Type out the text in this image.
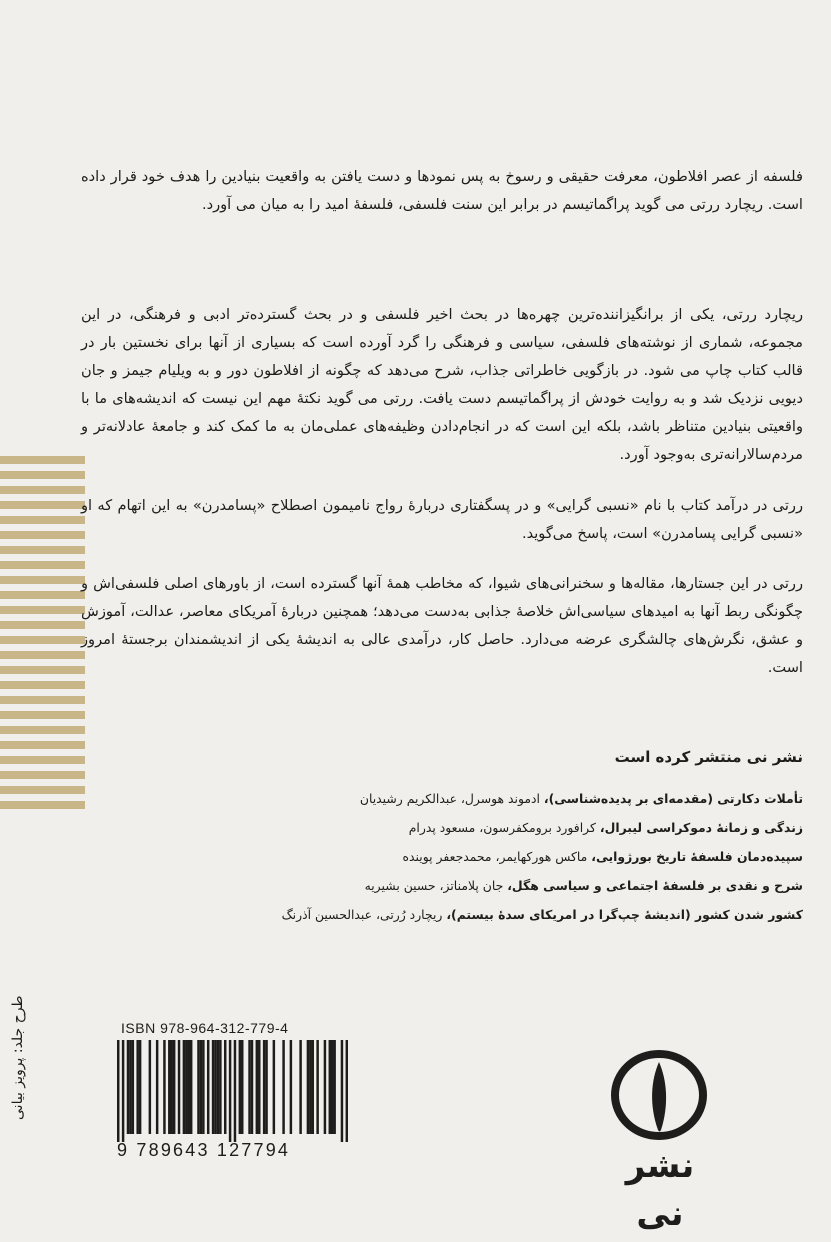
فلسفه از عصر افلاطون، معرفت حقیقی و رسوخ به پس نمودها و دست یافتن به واقعیت بنیادین را هدف خود قرار داده است. ریچارد ررتی می گوید پراگماتیسم در برابر این سنت فلسفی، فلسفهٔ امید را به میان می آورد.

ریچارد ررتی، یکی از برانگیزاننده‌ترین چهره‌ها در بحث اخیر فلسفی و در بحث گسترده‌تر ادبی و فرهنگی، در این مجموعه، شماری از نوشته‌های فلسفی، سیاسی و فرهنگی را گرد آورده است که بسیاری از آنها برای نخستین بار در قالب کتاب چاپ می شود. در بازگویی خاطراتی جذاب، شرح می‌دهد که چگونه از افلاطون دور و به ویلیام جیمز و جان دیویی نزدیک شد و به روایت خودش از پراگماتیسم دست یافت. ررتی می گوید نکتهٔ مهم این نیست که اندیشه‌های ما با واقعیتی بنیادین متناظر باشد، بلکه این است که در انجام‌دادن وظیفه‌های عملی‌مان به ما کمک کند و جامعهٔ عادلانه‌تر و مردم‌سالارانه‌تری به‌وجود آورد.

ررتی در درآمد کتاب با نام «نسبی گرایی» و در پسگفتاری دربارهٔ رواج نامیمون اصطلاح «پسامدرن» به این اتهام که او «نسبی گرایی پسامدرن» است، پاسخ می‌گوید.

ررتی در این جستارها، مقاله‌ها و سخنرانی‌های شیوا، که مخاطب همهٔ آنها گسترده است، از باورهای اصلی فلسفی‌اش و چگونگی ربط آنها به امیدهای سیاسی‌اش خلاصهٔ جذابی به‌دست می‌دهد؛ همچنین دربارهٔ آمریکای معاصر، عدالت، آموزش و عشق، نگرش‌های چالشگری عرضه می‌دارد. حاصل کار، درآمدی عالی به اندیشهٔ یکی از اندیشمندان برجستهٔ امروز است.

نشر نی منتشر کرده است
تأملات دکارتی (مقدمه‌ای بر پدیده‌شناسی)، ادموند هوسرل، عبدالکریم رشیدیان
زندگی و زمانهٔ دموکراسی لیبرال، کرافورد برومکفرسون، مسعود پدرام
سپیده‌دمان فلسفهٔ تاریخ بورژوایی، ماکس هورکهایمر، محمدجعفر پوینده
شرح و نقدی بر فلسفهٔ اجتماعی و سیاسی هگل، جان پلامناتز، حسین بشیریه
کشور شدن کشور (اندیشهٔ چپ‌گرا در امریکای سدهٔ بیستم)، ریچارد رُرتی، عبدالحسین آذرنگ
ISBN 978-964-312-779-4
9 789643 127794	نشر نی
طرح جلد: پرویز بیانی
